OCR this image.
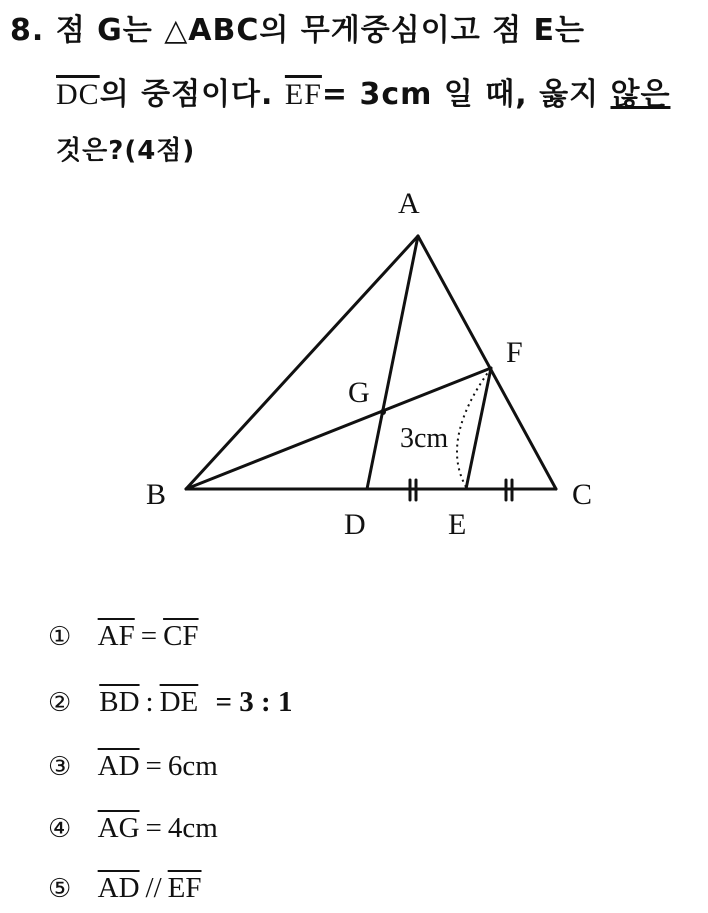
8. 점 G는 △ABC의 무게중심이고 점 E는
$\overline{DC}$의 중점이다. $\overline{EF}= 3cm$ 일 때, 옳지 않은
것은?(4점)
A
B	C
D	E
F
G
3cm
① $\overline{AF} = \overline{CF}$
② $\overline{BD}$ : $\overline{DE} = 3$ : 1
③ $\overline{AD} = 6cm$
④ $\overline{AG} = 4cm$
⑤ $\overline{AD} // \overline{EF}$
